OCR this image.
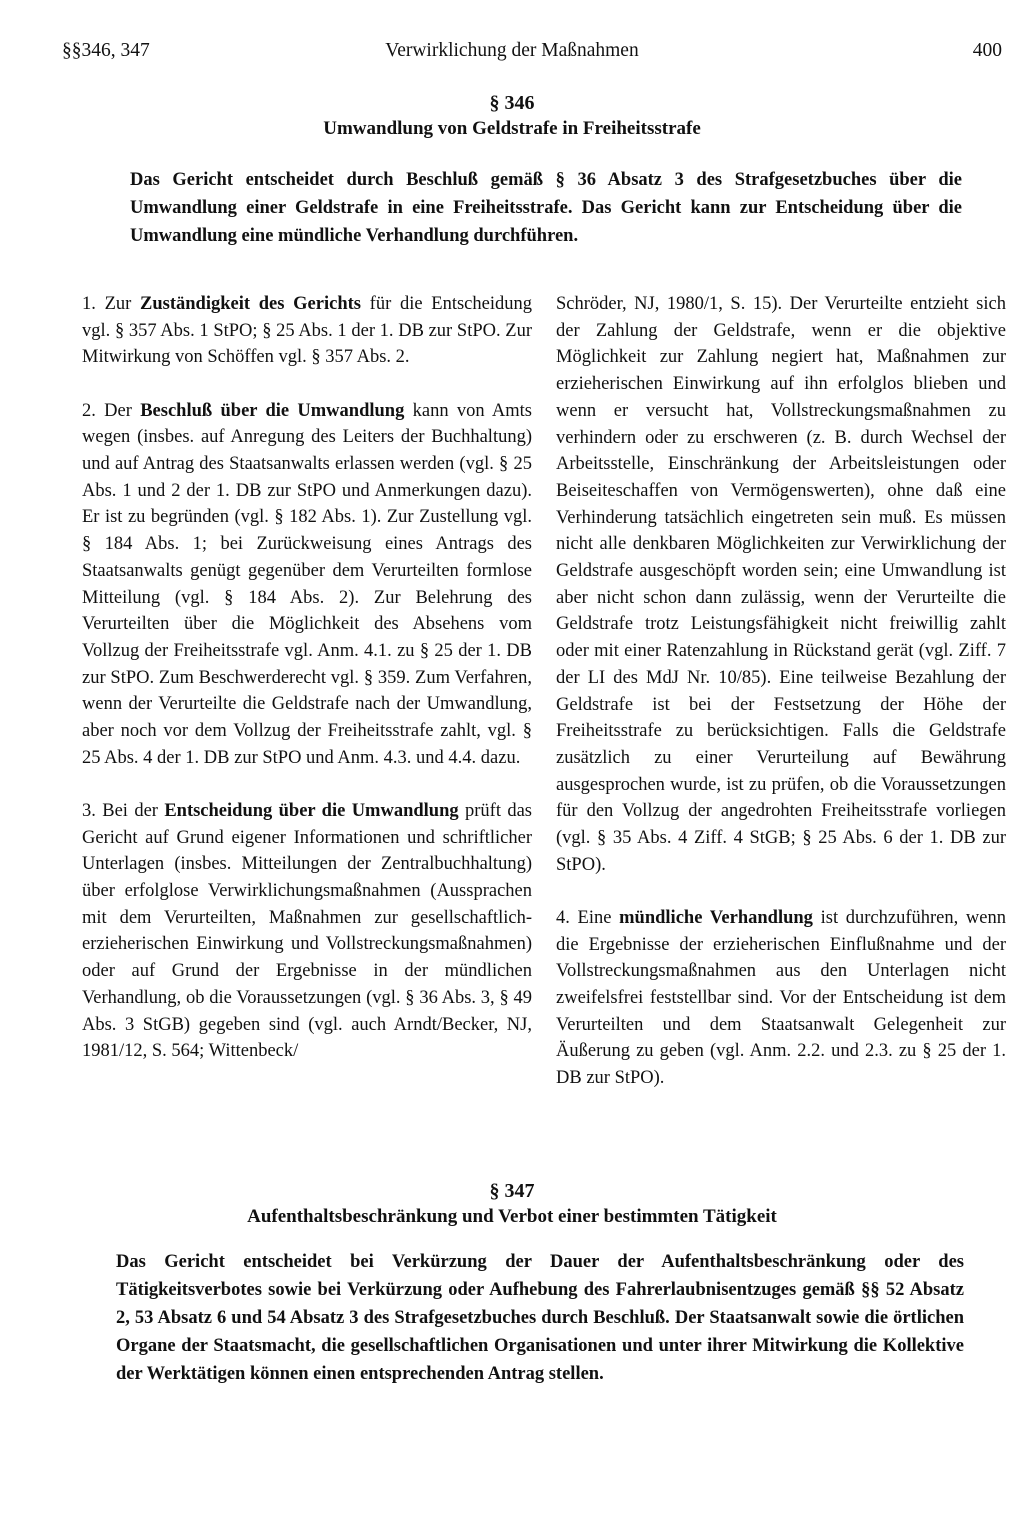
§§346, 347	Verwirklichung der Maßnahmen	400
§ 346
Umwandlung von Geldstrafe in Freiheitsstrafe
Das Gericht entscheidet durch Beschluß gemäß § 36 Absatz 3 des Strafgesetzbuches über die Umwandlung einer Geldstrafe in eine Freiheitsstrafe. Das Gericht kann zur Entscheidung über die Umwandlung eine mündliche Verhandlung durchführen.

1. Zur Zuständigkeit des Gerichts für die Entscheidung vgl. § 357 Abs. 1 StPO; § 25 Abs. 1 der 1. DB zur StPO. Zur Mitwirkung von Schöffen vgl. § 357 Abs. 2.

2. Der Beschluß über die Umwandlung kann von Amts wegen (insbes. auf Anregung des Leiters der Buchhaltung) und auf Antrag des Staatsanwalts erlassen werden (vgl. § 25 Abs. 1 und 2 der 1. DB zur StPO und Anmerkungen dazu). Er ist zu begründen (vgl. § 182 Abs. 1). Zur Zustellung vgl. § 184 Abs. 1; bei Zurückweisung eines Antrags des Staatsanwalts genügt gegenüber dem Verurteilten formlose Mitteilung (vgl. § 184 Abs. 2). Zur Belehrung des Verurteilten über die Möglichkeit des Absehens vom Vollzug der Freiheitsstrafe vgl. Anm. 4.1. zu § 25 der 1. DB zur StPO. Zum Beschwerderecht vgl. § 359. Zum Verfahren, wenn der Verurteilte die Geldstrafe nach der Umwandlung, aber noch vor dem Vollzug der Freiheitsstrafe zahlt, vgl. § 25 Abs. 4 der 1. DB zur StPO und Anm. 4.3. und 4.4. dazu.

3. Bei der Entscheidung über die Umwandlung prüft das Gericht auf Grund eigener Informationen und schriftlicher Unterlagen (insbes. Mitteilungen der Zentralbuchhaltung) über erfolglose Verwirklichungsmaßnahmen (Aussprachen mit dem Verurteilten, Maßnahmen zur gesellschaftlich-erzieherischen Einwirkung und Vollstreckungsmaßnahmen) oder auf Grund der Ergebnisse in der mündlichen Verhandlung, ob die Voraussetzungen (vgl. § 36 Abs. 3, § 49 Abs. 3 StGB) gegeben sind (vgl. auch Arndt/Becker, NJ, 1981/12, S. 564; Wittenbeck/

Schröder, NJ, 1980/1, S. 15). Der Verurteilte entzieht sich der Zahlung der Geldstrafe, wenn er die objektive Möglichkeit zur Zahlung negiert hat, Maßnahmen zur erzieherischen Einwirkung auf ihn erfolglos blieben und wenn er versucht hat, Vollstreckungsmaßnahmen zu verhindern oder zu erschweren (z. B. durch Wechsel der Arbeitsstelle, Einschränkung der Arbeitsleistungen oder Beiseiteschaffen von Vermögenswerten), ohne daß eine Verhinderung tatsächlich eingetreten sein muß. Es müssen nicht alle denkbaren Möglichkeiten zur Verwirklichung der Geldstrafe ausgeschöpft worden sein; eine Umwandlung ist aber nicht schon dann zulässig, wenn der Verurteilte die Geldstrafe trotz Leistungsfähigkeit nicht freiwillig zahlt oder mit einer Ratenzahlung in Rückstand gerät (vgl. Ziff. 7 der LI des MdJ Nr. 10/85). Eine teilweise Bezahlung der Geldstrafe ist bei der Festsetzung der Höhe der Freiheitsstrafe zu berücksichtigen. Falls die Geldstrafe zusätzlich zu einer Verurteilung auf Bewährung ausgesprochen wurde, ist zu prüfen, ob die Voraussetzungen für den Vollzug der angedrohten Freiheitsstrafe vorliegen (vgl. § 35 Abs. 4 Ziff. 4 StGB; § 25 Abs. 6 der 1. DB zur StPO).

4. Eine mündliche Verhandlung ist durchzuführen, wenn die Ergebnisse der erzieherischen Einflußnahme und der Vollstreckungsmaßnahmen aus den Unterlagen nicht zweifelsfrei feststellbar sind. Vor der Entscheidung ist dem Verurteilten und dem Staatsanwalt Gelegenheit zur Äußerung zu geben (vgl. Anm. 2.2. und 2.3. zu § 25 der 1. DB zur StPO).

§ 347
Aufenthaltsbeschränkung und Verbot einer bestimmten Tätigkeit
Das Gericht entscheidet bei Verkürzung der Dauer der Aufenthaltsbeschränkung oder des Tätigkeitsverbotes sowie bei Verkürzung oder Aufhebung des Fahrerlaubnisentzuges gemäß §§ 52 Absatz 2, 53 Absatz 6 und 54 Absatz 3 des Strafgesetzbuches durch Beschluß. Der Staatsanwalt sowie die örtlichen Organe der Staatsmacht, die gesellschaftlichen Organisationen und unter ihrer Mitwirkung die Kollektive der Werktätigen können einen entsprechenden Antrag stellen.
